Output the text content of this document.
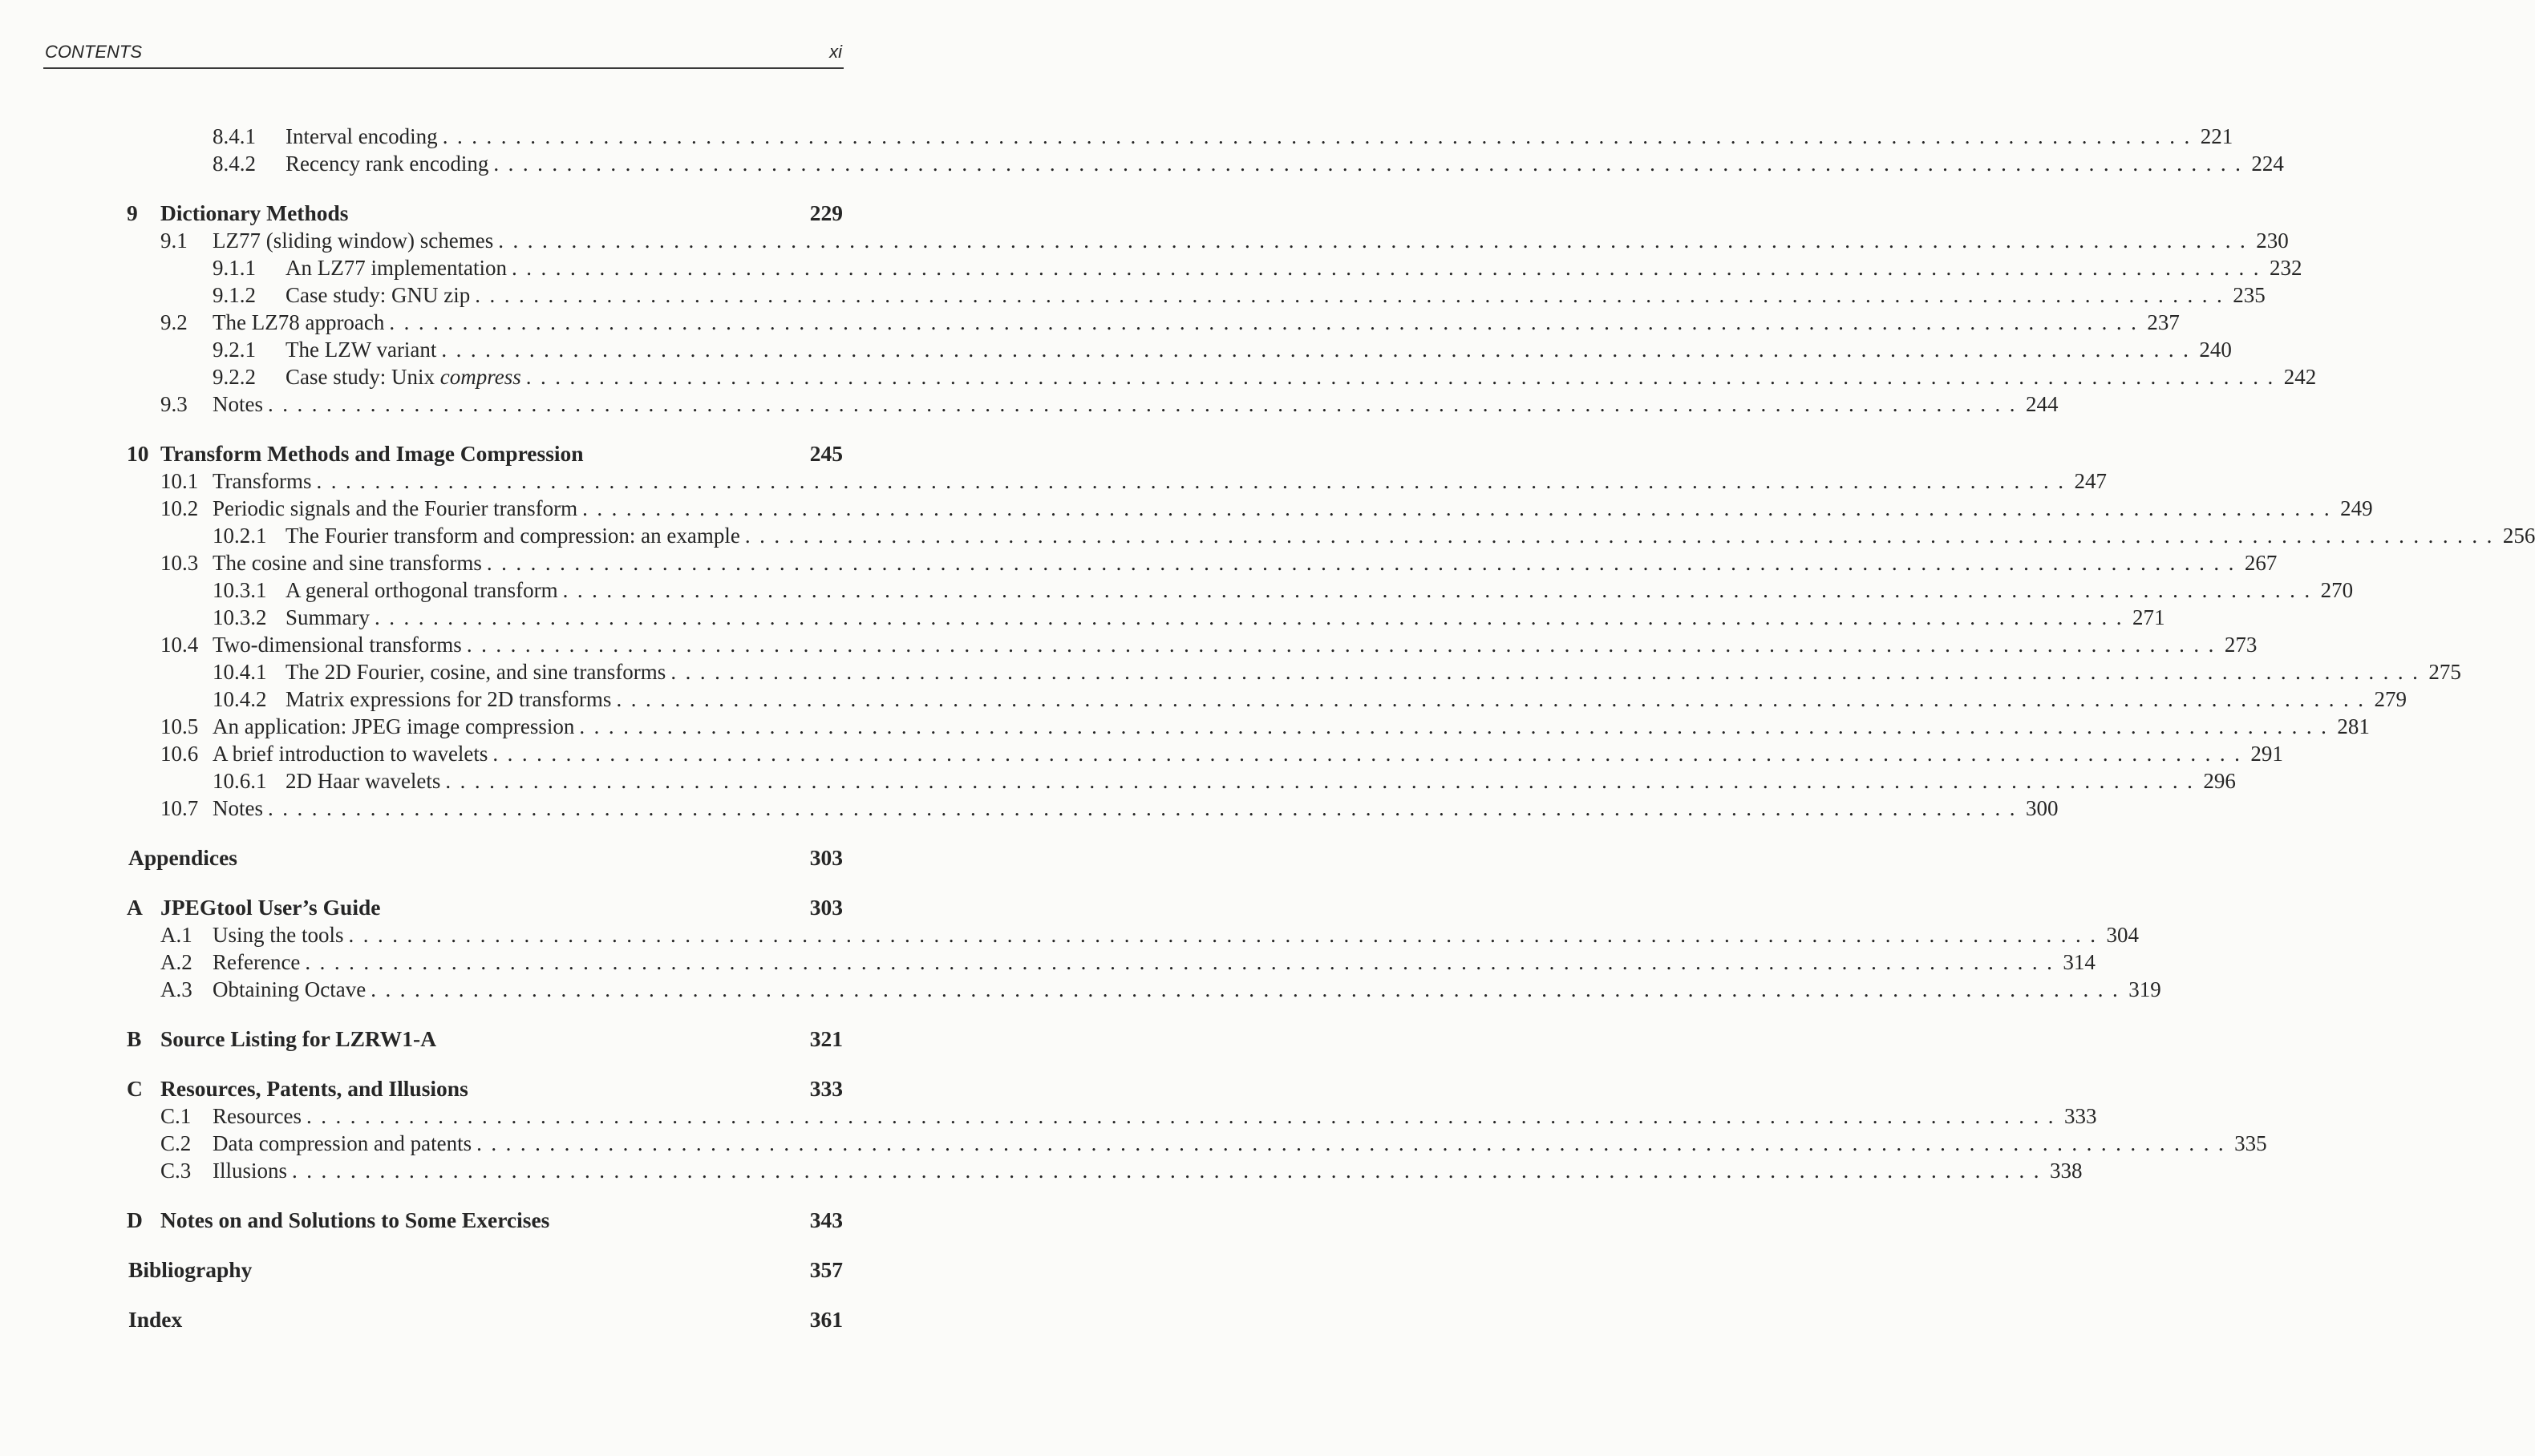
CONTENTS	xi
8.4.1	Interval encoding ........................................................................................................................ 221
8.4.2	Recency rank encoding ........................................................................................................................ 224
9	Dictionary Methods	229
9.1	LZ77 (sliding window) schemes ........................................................................................................................ 230
9.1.1	An LZ77 implementation ........................................................................................................................ 232
9.1.2	Case study: GNU zip ........................................................................................................................ 235
9.2	The LZ78 approach ........................................................................................................................ 237
9.2.1	The LZW variant ........................................................................................................................ 240
9.2.2	Case study: Unix compress ........................................................................................................................ 242
9.3	Notes ........................................................................................................................ 244
10 Transform Methods and Image Compression	245
10.1 Transforms ........................................................................................................................ 247
10.2 Periodic signals and the Fourier transform ........................................................................................................................ 249
10.2.1 The Fourier transform and compression: an example ........................................................................................................................ 256
10.3 The cosine and sine transforms ........................................................................................................................ 267
10.3.1 A general orthogonal transform ........................................................................................................................ 270
10.3.2 Summary ........................................................................................................................ 271
10.4 Two-dimensional transforms ........................................................................................................................ 273
10.4.1 The 2D Fourier, cosine, and sine transforms ........................................................................................................................ 275
10.4.2 Matrix expressions for 2D transforms ........................................................................................................................ 279
10.5 An application: JPEG image compression ........................................................................................................................ 281
10.6 A brief introduction to wavelets ........................................................................................................................ 291
10.6.1 2D Haar wavelets ........................................................................................................................ 296
10.7 Notes ........................................................................................................................ 300
Appendices	303
A JPEGtool User’s Guide	303
A.1 Using the tools ........................................................................................................................ 304
A.2 Reference ........................................................................................................................ 314
A.3 Obtaining Octave ........................................................................................................................ 319
B Source Listing for LZRW1-A	321
C Resources, Patents, and Illusions	333
C.1 Resources ........................................................................................................................ 333
C.2 Data compression and patents ........................................................................................................................ 335
C.3 Illusions ........................................................................................................................ 338
D Notes on and Solutions to Some Exercises	343
Bibliography	357
Index	361
